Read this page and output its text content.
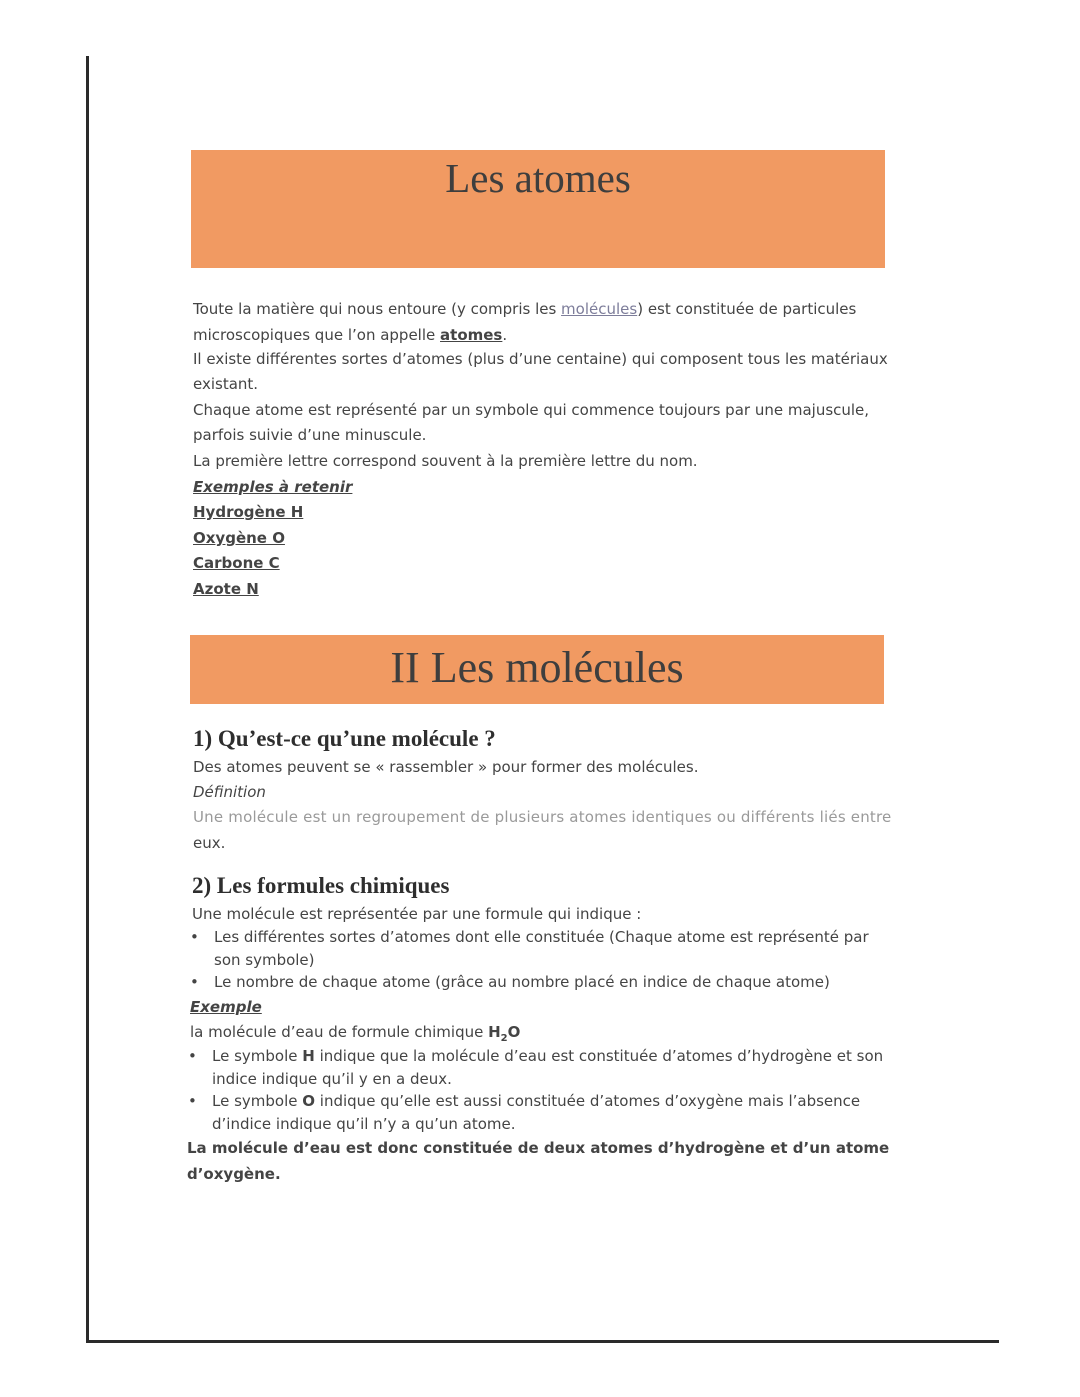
Les atomes
Toute la matière qui nous entoure (y compris les molécules) est constituée de particules
microscopiques que l’on appelle atomes.
Il existe différentes sortes d’atomes (plus d’une centaine) qui composent tous les matériaux
existant.
Chaque atome est représenté par un symbole qui commence toujours par une majuscule,
parfois suivie d’une minuscule.
La première lettre correspond souvent à la première lettre du nom.
Exemples à retenir
Hydrogène H
Oxygène O
Carbone C
Azote N
II Les molécules
1) Qu’est-ce qu’une molécule ?
Des atomes peuvent se « rassembler » pour former des molécules.
Définition
Une molécule est un regroupement de plusieurs atomes identiques ou différents liés entre
eux.
2) Les formules chimiques
Une molécule est représentée par une formule qui indique :
• Les différentes sortes d’atomes dont elle constituée (Chaque atome est représenté par
son symbole)
• Le nombre de chaque atome (grâce au nombre placé en indice de chaque atome)
Exemple
la molécule d’eau de formule chimique $H_2O$
• Le symbole H indique que la molécule d’eau est constituée d’atomes d’hydrogène et son
indice indique qu’il y en a deux.
• Le symbole O indique qu’elle est aussi constituée d’atomes d’oxygène mais l’absence
d’indice indique qu’il n’y a qu’un atome.
La molécule d’eau est donc constituée de deux atomes d’hydrogène et d’un atome
d’oxygène.
